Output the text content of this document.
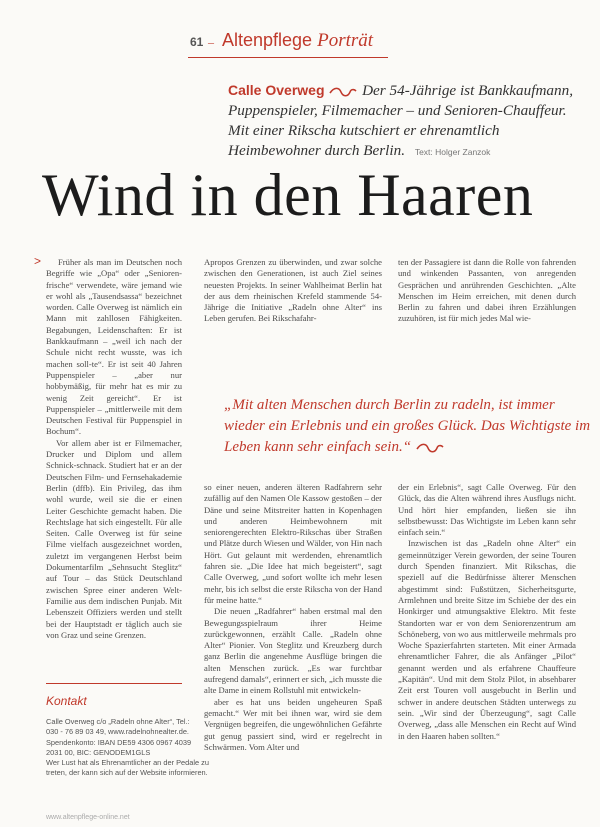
61 – Altenpflege Porträt
Calle Overweg Der 54-Jährige ist Bankkaufmann, Puppenspieler, Filmemacher – und Senioren-Chauffeur. Mit einer Rikscha kutschiert er ehrenamtlich Heimbewohner durch Berlin. Text: Holger Zanzok
Wind in den Haaren
>	Früher als man im Deutschen noch Begriffe wie „Opa“ oder „Senioren-frische“ verwendete, wäre jemand wie er wohl als „Tausendsassa“ bezeichnet worden. Calle Overweg ist nämlich ein Mann mit zahllosen Fähigkeiten. Begabungen, Leidenschaften: Er ist Bankkaufmann – „weil ich nach der Schule nicht recht wusste, was ich machen soll-te“. Er ist seit 40 Jahren Puppenspieler – „aber nur hobbymäßig, für mehr hat es mir zu wenig Zeit gereicht“. Er ist Puppenspieler – „mittlerweile mit dem Deutschen Festival für Puppenspiel in Bochum“.

Vor allem aber ist er Filmemacher, Drucker und Diplom und allem Schnick-schnack. Studiert hat er an der Deutschen Film- und Fernsehakademie Berlin (dffb). Ein Privileg, das ihm wohl wurde, weil sie die er einen Leiter Geschichte gemacht haben. Die Rechtslage hat sich eingestellt. Für alle Seiten. Calle Overweg ist für seine Filme vielfach ausgezeichnet worden, zuletzt im vergangenen Herbst beim Dokumentarfilm „Sehnsucht Steglitz“ auf Tour – das Stück Deutschland zwischen Spree einer anderen Welt-Familie aus dem indischen Punjab. Mit Lebenszeit Offiziers werden und stellt bei der Hauptstadt er täglich auch sie von Graz und seine Grenzen.

Apropos Grenzen zu überwinden, und zwar solche zwischen den Generationen, ist auch Ziel seines neuesten Projekts. In seiner Wahlheimat Berlin hat der aus dem rheinischen Krefeld stammende 54-Jährige die Initiative „Radeln ohne Alter“ ins Leben gerufen. Bei Rikschafahr-

ten der Passagiere ist dann die Rolle von fahrenden und winkenden Passanten, von anregenden Gesprächen und anrührenden Geschichten. „Alte Menschen im Heim erreichen, mit denen durch Berlin zu fahren und dabei ihren Erzählungen zuzuhören, ist für mich jedes Mal wie-

„Mit alten Menschen durch Berlin zu radeln, ist immer wieder ein Erlebnis und ein großes Glück. Das Wichtigste im Leben kann sehr einfach sein.“

so einer neuen, anderen älteren Radfahrern sehr zufällig auf den Namen Ole Kassow gestoßen – der Däne und seine Mitstreiter hatten in Kopenhagen und anderen Heimbewohnern mit seniorengerechten Elektro-Rikschas über Straßen und Plätze durch Wiesen und Wälder, von Hin nach Hört. Gut gelaunt mit werdenden, ehrenamtlich fahren sie. „Die Idee hat mich begeistert“, sagt Calle Overweg, „und sofort wollte ich mehr lesen mehr, bis ich selbst die erste Rikscha von der Hand für meine hatte.“

Die neuen „Radfahrer“ haben erstmal mal den Bewegungsspielraum ihrer Heime zurückgewonnen, erzählt Calle. „Radeln ohne Alter“ Pionier. Von Steglitz und Kreuzberg durch ganz Berlin die angenehme Ausflüge bringen die alten Menschen zurück. „Es war furchtbar aufregend damals“, erinnert er sich, „ich musste die alte Dame in einem Rollstuhl mit entwickeln-

aber es hat uns beiden ungeheuren Spaß gemacht.“ Wer mit bei ihnen war, wird sie dem Vergnügen begreifen, die ungewöhnlichen Gefährte gut genug passiert sind, wird er regelrecht in Schwärmen. Vom Alter und

der ein Erlebnis“, sagt Calle Overweg. Für den Glück, das die Alten während ihres Ausflugs nicht. Und hört hier empfanden, ließen sie ihn selbstbewusst: Das Wichtigste im Leben kann sehr einfach sein.“

Inzwischen ist das „Radeln ohne Alter“ ein gemeinnütziger Verein geworden, der seine Touren durch Spenden finanziert. Mit Rikschas, die speziell auf die Bedürfnisse älterer Menschen abgestimmt sind: Fußstützen, Sicherheitsgurte, Armlehnen und breite Sitze im Schiebe der des ein Honkirger und atmungsaktive Elektro. Mit feste Standorten war er von dem Seniorenzentrum am Schöneberg, von wo aus mittlerweile mehrmals pro Woche Spazierfahrten starteten. Mit einer Armada ehrenamtlicher Fahrer, die als Anfänger „Pilot“ genannt werden und als erfahrene Chauffeure „Kapitän“. Und mit dem Stolz Pilot, in absehbarer Zeit erst Touren voll ausgebucht in Berlin und schwer in andere deutschen Städten unterwegs zu sein. „Wir sind der Überzeugung“, sagt Calle Overweg, „dass alle Menschen ein Recht auf Wind in den Haaren haben sollten.“

Kontakt
Calle Overweg c/o „Radeln ohne Alter“, Tel.:
030 - 76 89 03 49, www.radelnohnealter.de.
Spendenkonto: IBAN DE59 4306 0967 4039
2031 00, BIC: GENODEM1GLS
Wer Lust hat als Ehrenamtlicher an der Pedale zu
treten, der kann sich auf der Website informieren.
www.altenpflege-online.net
